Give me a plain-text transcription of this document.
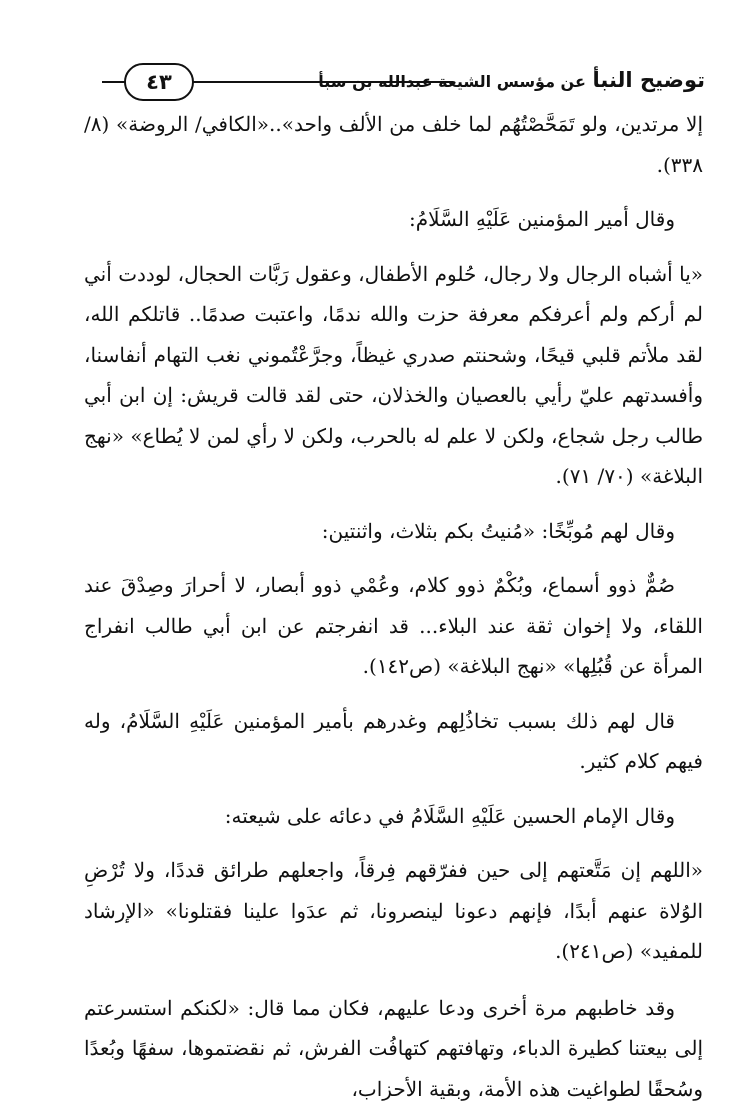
توضيح النبأ عن مؤسس الشيعة عبدالله بن سبأ
٤٣

إلا مرتدين، ولو تَمَحَّصْتُهُم لما خلف من الألف واحد»..«الكافي/ الروضة» (٨/ ٣٣٨).

وقال أمير المؤمنين عَلَيْهِ السَّلَامُ:

«يا أشباه الرجال ولا رجال، حُلوم الأطفال، وعقول رَبَّات الحجال، لوددت أني لم أركم ولم أعرفكم معرفة حزت والله ندمًا، واعتبت صدمًا.. قاتلكم الله، لقد ملأتم قلبي قيحًا، وشحنتم صدري غيظاً، وجرَّعْتُموني نغب التهام أنفاسنا، وأفسدتهم عليّ رأيي بالعصيان والخذلان، حتى لقد قالت قريش: إن ابن أبي طالب رجل شجاع، ولكن لا علم له بالحرب، ولكن لا رأي لمن لا يُطاع» «نهج البلاغة» (٧٠/ ٧١).

وقال لهم مُوبِّخًا: «مُنيتُ بكم بثلاث، واثنتين:

صُمٌّ ذوو أسماع، وبُكْمٌ ذوو كلام، وعُمْي ذوو أبصار، لا أحرارَ وصِدْقَ عند اللقاء، ولا إخوان ثقة عند البلاء... قد انفرجتم عن ابن أبي طالب انفراج المرأة عن قُبُلِها» «نهج البلاغة» (ص١٤٢).

قال لهم ذلك بسبب تخاذُلِهم وغدرهم بأمير المؤمنين عَلَيْهِ السَّلَامُ، وله فيهم كلام كثير.

وقال الإمام الحسين عَلَيْهِ السَّلَامُ في دعائه على شيعته:

«اللهم إن مَتَّعتهم إلى حين ففرّقهم فِرقاً، واجعلهم طرائق قددًا، ولا تُرْضِ الوُلاة عنهم أبدًا، فإنهم دعونا لينصرونا، ثم عدَوا علينا فقتلونا» «الإرشاد للمفيد» (ص٢٤١).

وقد خاطبهم مرة أخرى ودعا عليهم، فكان مما قال: «لكنكم استسرعتم إلى بيعتنا كطيرة الدباء، وتهافتهم كتهافُت الفرش، ثم نقضتموها، سفهًا وبُعدًا وسُحقًا لطواغيت هذه الأمة، وبقية الأحزاب،
